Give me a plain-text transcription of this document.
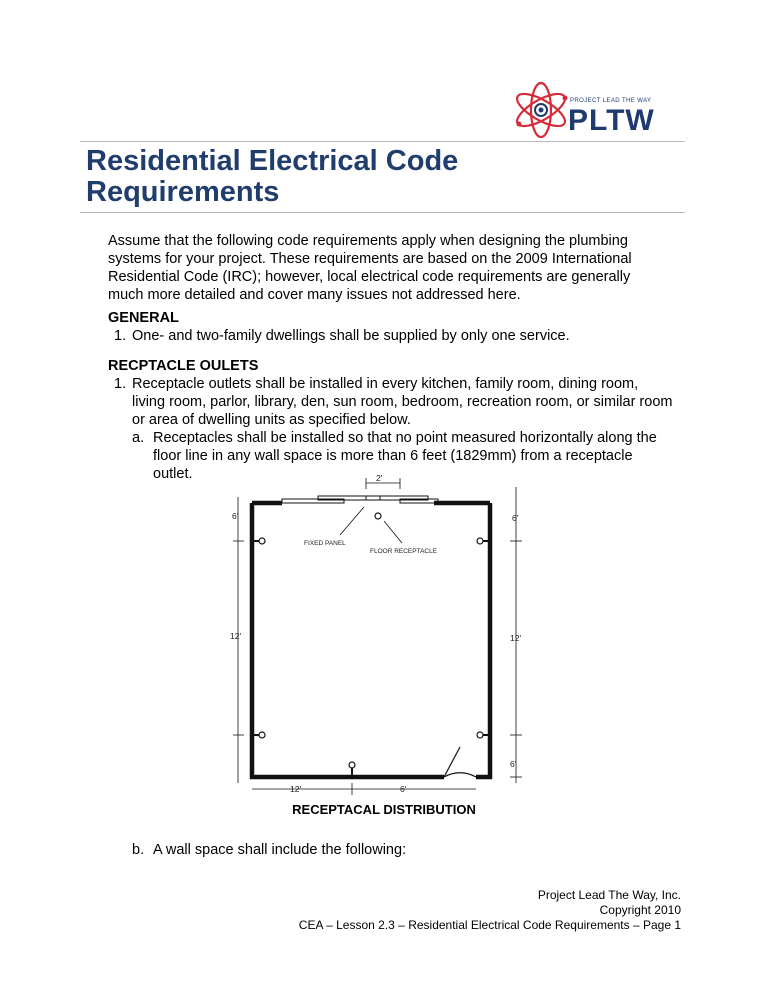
PROJECT LEAD THE WAY
PLTW
Residential Electrical Code Requirements

Assume that the following code requirements apply when designing the plumbing systems for your project. These requirements are based on the 2009 International Residential Code (IRC); however, local electrical code requirements are generally much more detailed and cover many issues not addressed here.

GENERAL

1. One- and two-family dwellings shall be supplied by only one service.

RECPTACLE OULETS

1. Receptacle outlets shall be installed in every kitchen, family room, dining room, living room, parlor, library, den, sun room, bedroom, recreation room, or similar room or area of dwelling units as specified below.
a. Receptacles shall be installed so that no point measured horizontally along the floor line in any wall space is more than 6 feet (1829mm) from a receptacle outlet.	2'
6'	6'
12'	12'
6'
12'	6'
FIXED PANEL
FLOOR RECEPTACLE

RECEPTACAL DISTRIBUTION

b. A wall space shall include the following:
Project Lead The Way, Inc.
Copyright 2010
CEA – Lesson 2.3 – Residential Electrical Code Requirements – Page 1
